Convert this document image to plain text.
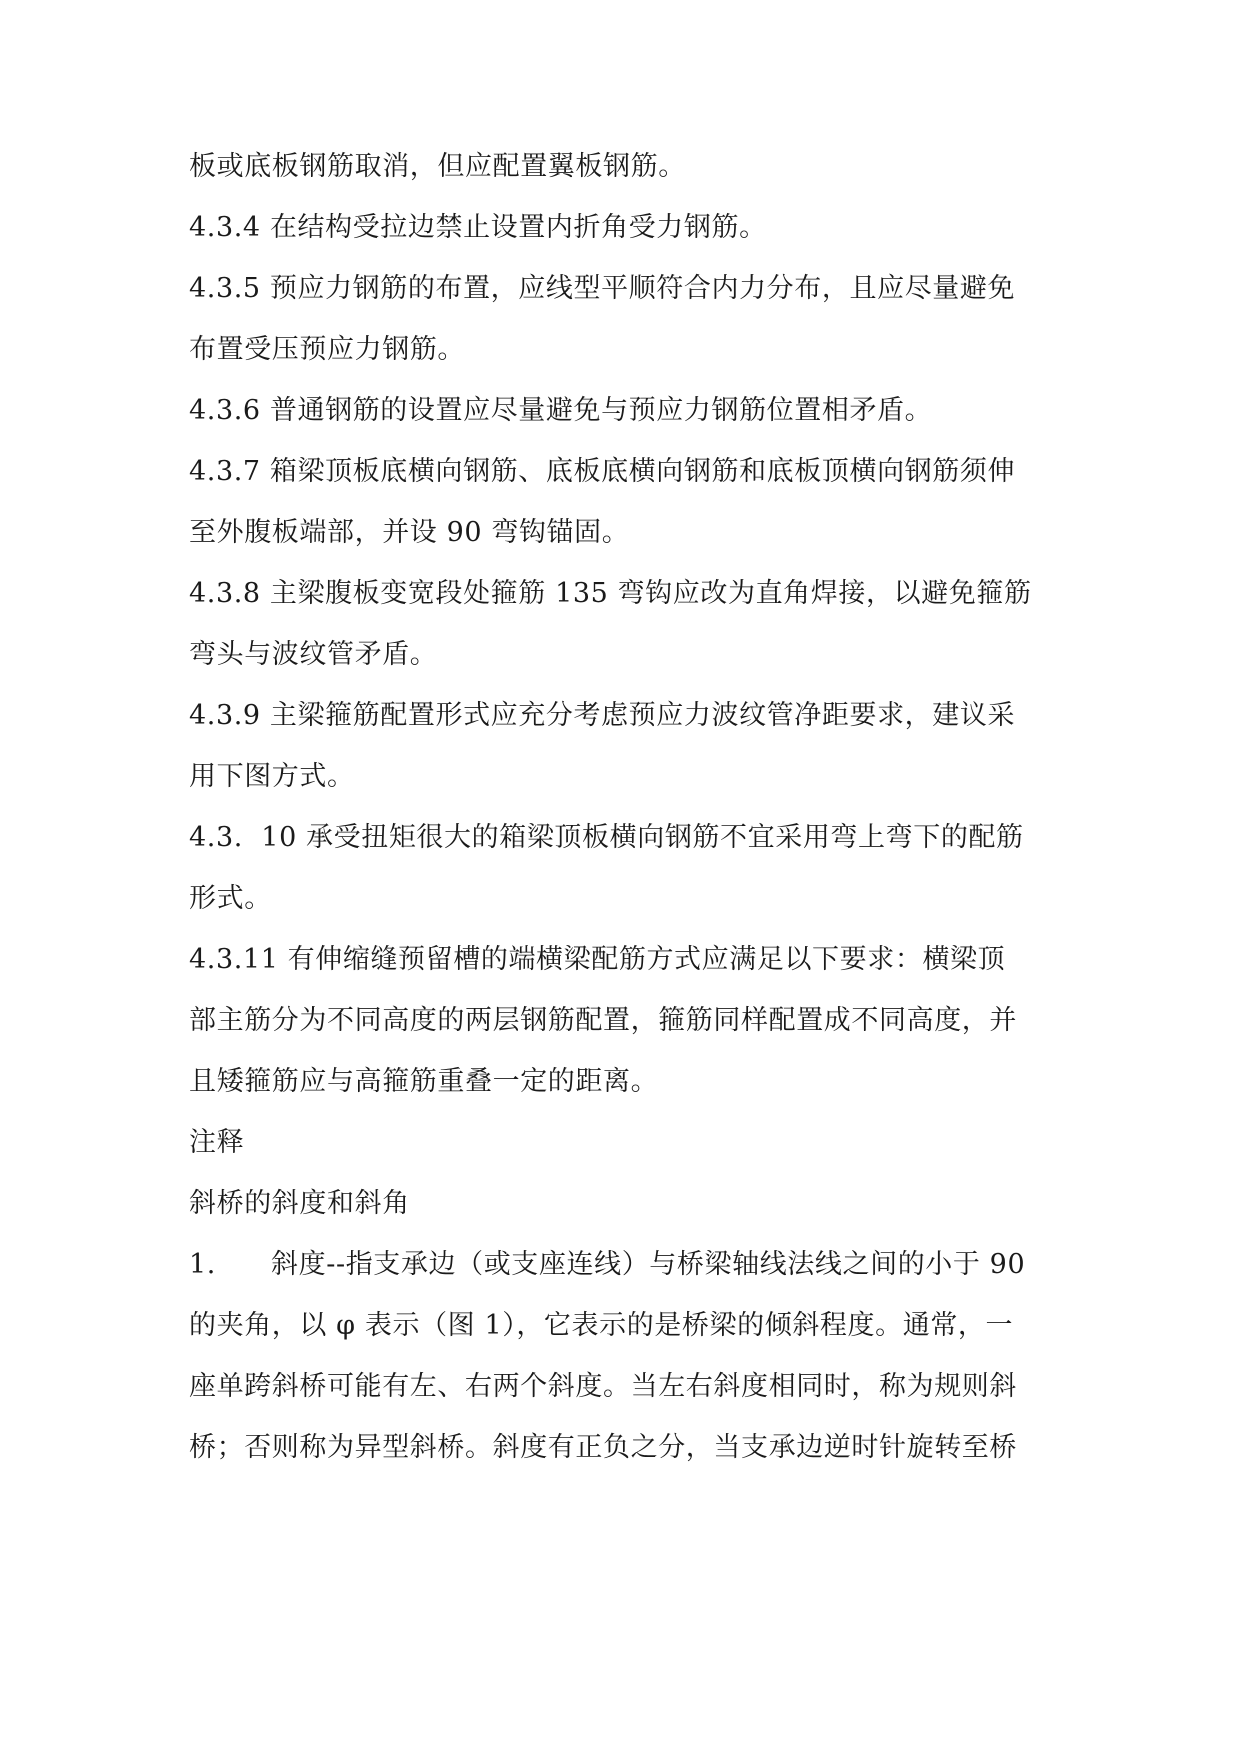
板或底板钢筋取消，但应配置翼板钢筋。
4.3.4 在结构受拉边禁止设置内折角受力钢筋。
4.3.5 预应力钢筋的布置，应线型平顺符合内力分布，且应尽量避免
布置受压预应力钢筋。
4.3.6 普通钢筋的设置应尽量避免与预应力钢筋位置相矛盾。
4.3.7 箱梁顶板底横向钢筋、底板底横向钢筋和底板顶横向钢筋须伸
至外腹板端部，并设 90 弯钩锚固。
4.3.8 主梁腹板变宽段处箍筋 135 弯钩应改为直角焊接，以避免箍筋
弯头与波纹管矛盾。
4.3.9 主梁箍筋配置形式应充分考虑预应力波纹管净距要求，建议采
用下图方式。
4.3.  10 承受扭矩很大的箱梁顶板横向钢筋不宜采用弯上弯下的配筋
形式。
4.3.11 有伸缩缝预留槽的端横梁配筋方式应满足以下要求：横梁顶
部主筋分为不同高度的两层钢筋配置，箍筋同样配置成不同高度，并
且矮箍筋应与高箍筋重叠一定的距离。
注释
斜桥的斜度和斜角
1.      斜度--指支承边（或支座连线）与桥梁轴线法线之间的小于 90
的夹角，以 φ 表示（图 1），它表示的是桥梁的倾斜程度。通常，一
座单跨斜桥可能有左、右两个斜度。当左右斜度相同时，称为规则斜
桥；否则称为异型斜桥。斜度有正负之分，当支承边逆时针旋转至桥
